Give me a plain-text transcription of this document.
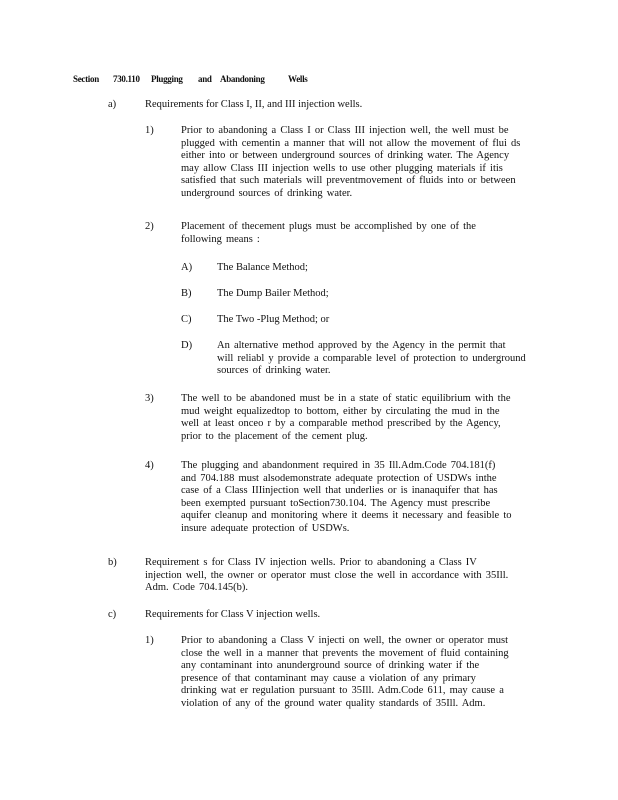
Section 730.110 Plugging and Abandoning	Wells
a)	Requirements for Class I, II, and III injection wells.
1)	Prior to abandoning a Class I or Class III injection well, the well must be
plugged with cementin a manner that will not allow the movement of flui ds
either into or between underground sources of drinking water. The Agency
may allow Class III injection wells to use other plugging materials if itis
satisfied that such materials will preventmovement of fluids into or between
underground sources of drinking water.
2)	Placement of thecement plugs must be accomplished by one of the
following means :
A) The Balance Method;
B) The Dump Bailer Method;
C) The Two -Plug Method; or
D) An alternative method approved by the Agency in the permit that
will reliabl y provide a comparable level of protection to underground
sources of drinking water.
3)	The well to be abandoned must be in a state of static equilibrium with the
mud weight equalizedtop to bottom, either by circulating the mud in the
well at least onceo r by a comparable method prescribed by the Agency,
prior to the placement of the cement plug.
4)	The plugging and abandonment required in 35 Ill.Adm.Code 704.181(f)
and 704.188 must alsodemonstrate adequate protection of USDWs inthe
case of a Class IIIinjection well that underlies or is inanaquifer that has
been exempted pursuant toSection730.104. The Agency must prescribe
aquifer cleanup and monitoring where it deems it necessary and feasible to
insure adequate protection of USDWs.
b)	Requirement s for Class IV injection wells. Prior to abandoning a Class IV
injection well, the owner or operator must close the well in accordance with 35Ill.
Adm. Code 704.145(b).
c)	Requirements for Class V injection wells.
1)	Prior to abandoning a Class V injecti on well, the owner or operator must
close the well in a manner that prevents the movement of fluid containing
any contaminant into anunderground source of drinking water if the
presence of that contaminant may cause a violation of any primary
drinking wat er regulation pursuant to 35Ill. Adm.Code 611, may cause a
violation of any of the ground water quality standards of 35Ill. Adm.
